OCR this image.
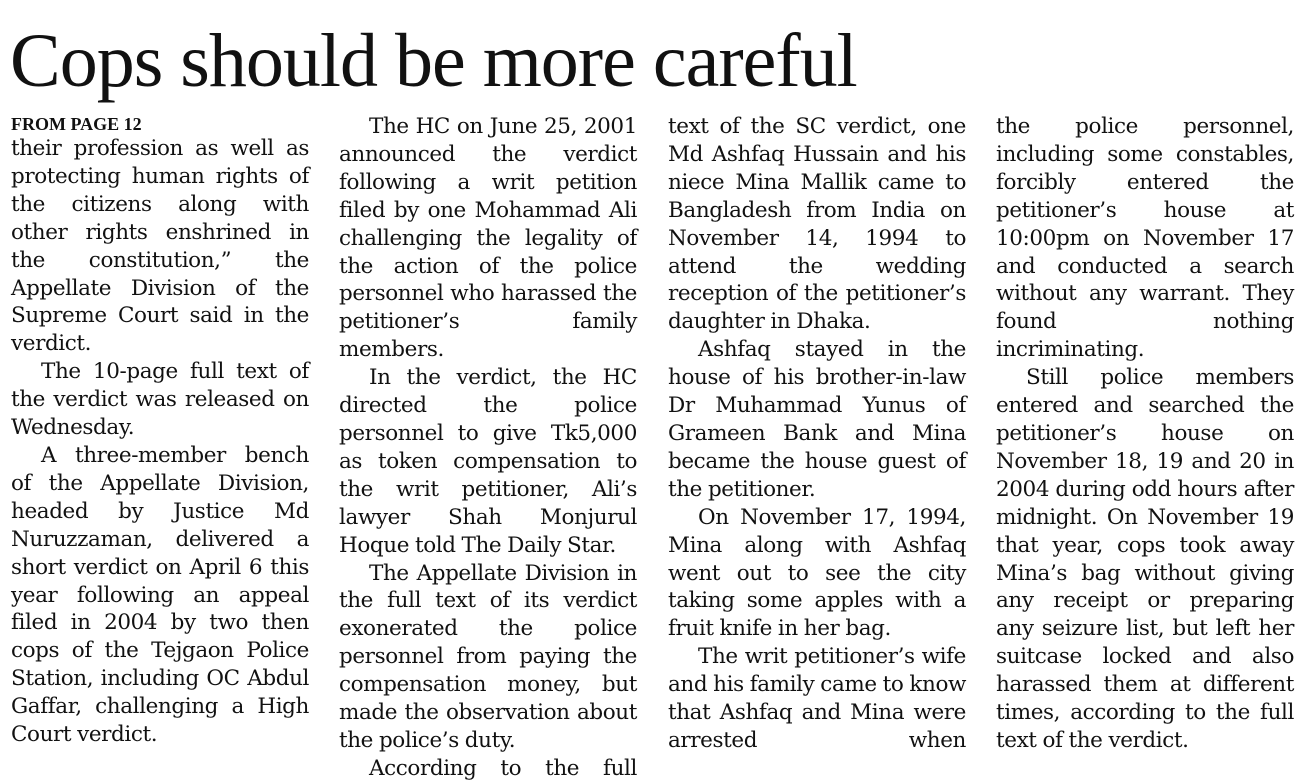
Cops should be more careful

FROM PAGE 12

their profession as well as protecting human rights of the citizens along with other rights enshrined in the constitution,” the Appellate Division of the Supreme Court said in the verdict.

The 10-page full text of the verdict was released on Wednesday.

A three-member bench of the Appellate Division, headed by Justice Md Nuruzzaman, delivered a short verdict on April 6 this year following an appeal filed in 2004 by two then cops of the Tejgaon Police Station, including OC Abdul Gaffar, challenging a High Court verdict.

The HC on June 25, 2001 announced the verdict following a writ petition filed by one Mohammad Ali challenging the legality of the action of the police personnel who harassed the petitioner’s family members.

In the verdict, the HC directed the police personnel to give Tk5,000 as token compensation to the writ petitioner, Ali’s lawyer Shah Monjurul Hoque told The Daily Star.

The Appellate Division in the full text of its verdict exonerated the police personnel from paying the compensation money, but made the observation about the police’s duty.

According to the full

text of the SC verdict, one Md Ashfaq Hussain and his niece Mina Mallik came to Bangladesh from India on November 14, 1994 to attend the wedding reception of the petitioner’s daughter in Dhaka.

Ashfaq stayed in the house of his brother-in-law Dr Muhammad Yunus of Grameen Bank and Mina became the house guest of the petitioner.

On November 17, 1994, Mina along with Ashfaq went out to see the city taking some apples with a fruit knife in her bag.

The writ petitioner’s wife and his family came to know that Ashfaq and Mina were arrested when

the police personnel, including some constables, forcibly entered the petitioner’s house at 10:00pm on November 17 and conducted a search without any warrant. They found nothing incriminating.

Still police members entered and searched the petitioner’s house on November 18, 19 and 20 in 2004 during odd hours after midnight. On November 19 that year, cops took away Mina’s bag without giving any receipt or preparing any seizure list, but left her suitcase locked and also harassed them at different times, according to the full text of the verdict.
